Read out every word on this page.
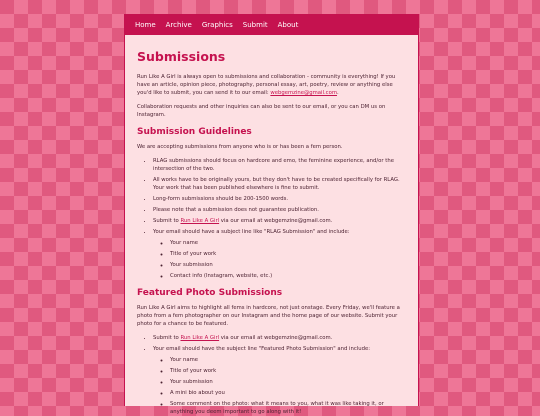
Home Archive Graphics Submit About
Submissions

Run Like A Girl is always open to submissions and collaboration - community is everything! If you have an article, opinion piece, photography, personal essay, art, poetry, review or anything else you'd like to submit, you can send it to our email: webgemzine@gmail.com.

Collaboration requests and other inquiries can also be sent to our email, or you can DM us on Instagram.

Submission Guidelines

We are accepting submissions from anyone who is or has been a fem person.

• RLAG submissions should focus on hardcore and emo, the feminine experience, and/or the intersection of the two.
• All works have to be originally yours, but they don't have to be created specifically for RLAG. Your work that has been published elsewhere is fine to submit.
• Long-form submissions should be 200-1500 words.
• Please note that a submission does not guarantee publication.
• Submit to Run Like A Girl via our email at webgemzine@gmail.com.
• Your email should have a subject line like "RLAG Submission" and include:
◦ Your name
◦ Title of your work
◦ Your submission
◦ Contact info (Instagram, website, etc.)
Featured Photo Submissions

Run Like A Girl aims to highlight all fems in hardcore, not just onstage. Every Friday, we'll feature a photo from a fem photographer on our Instagram and the home page of our website. Submit your photo for a chance to be featured.

• Submit to Run Like A Girl via our email at webgemzine@gmail.com.
• Your email should have the subject line "Featured Photo Submission" and include:
◦ Your name
◦ Title of your work
◦ Your submission
◦ A mini bio about you
◦ Some comment on the photo: what it means to you, what it was like taking it, or anything you deem important to go along with it!
